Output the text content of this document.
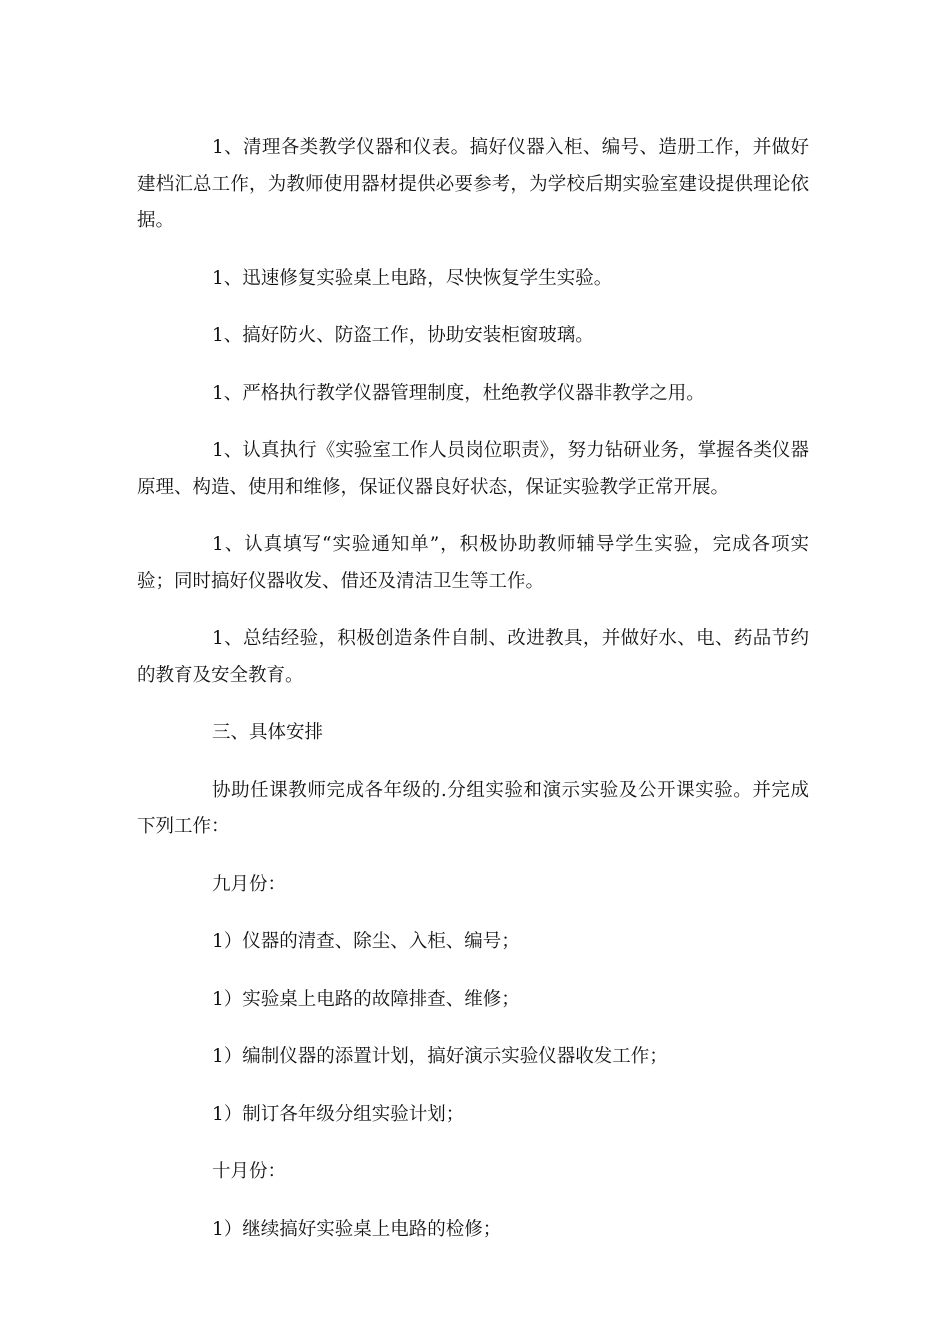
1、清理各类教学仪器和仪表。搞好仪器入柜、编号、造册工作，并做好建档汇总工作，为教师使用器材提供必要参考，为学校后期实验室建设提供理论依据。

1、迅速修复实验桌上电路，尽快恢复学生实验。

1、搞好防火、防盗工作，协助安装柜窗玻璃。

1、严格执行教学仪器管理制度，杜绝教学仪器非教学之用。

1、认真执行《实验室工作人员岗位职责》，努力钻研业务，掌握各类仪器原理、构造、使用和维修，保证仪器良好状态，保证实验教学正常开展。

1、认真填写“实验通知单”，积极协助教师辅导学生实验，完成各项实验；同时搞好仪器收发、借还及清洁卫生等工作。

1、总结经验，积极创造条件自制、改进教具，并做好水、电、药品节约的教育及安全教育。

三、具体安排

协助任课教师完成各年级的.分组实验和演示实验及公开课实验。并完成下列工作：

九月份：

1）仪器的清查、除尘、入柜、编号；

1）实验桌上电路的故障排查、维修；

1）编制仪器的添置计划，搞好演示实验仪器收发工作；

1）制订各年级分组实验计划；

十月份：

1）继续搞好实验桌上电路的检修；
